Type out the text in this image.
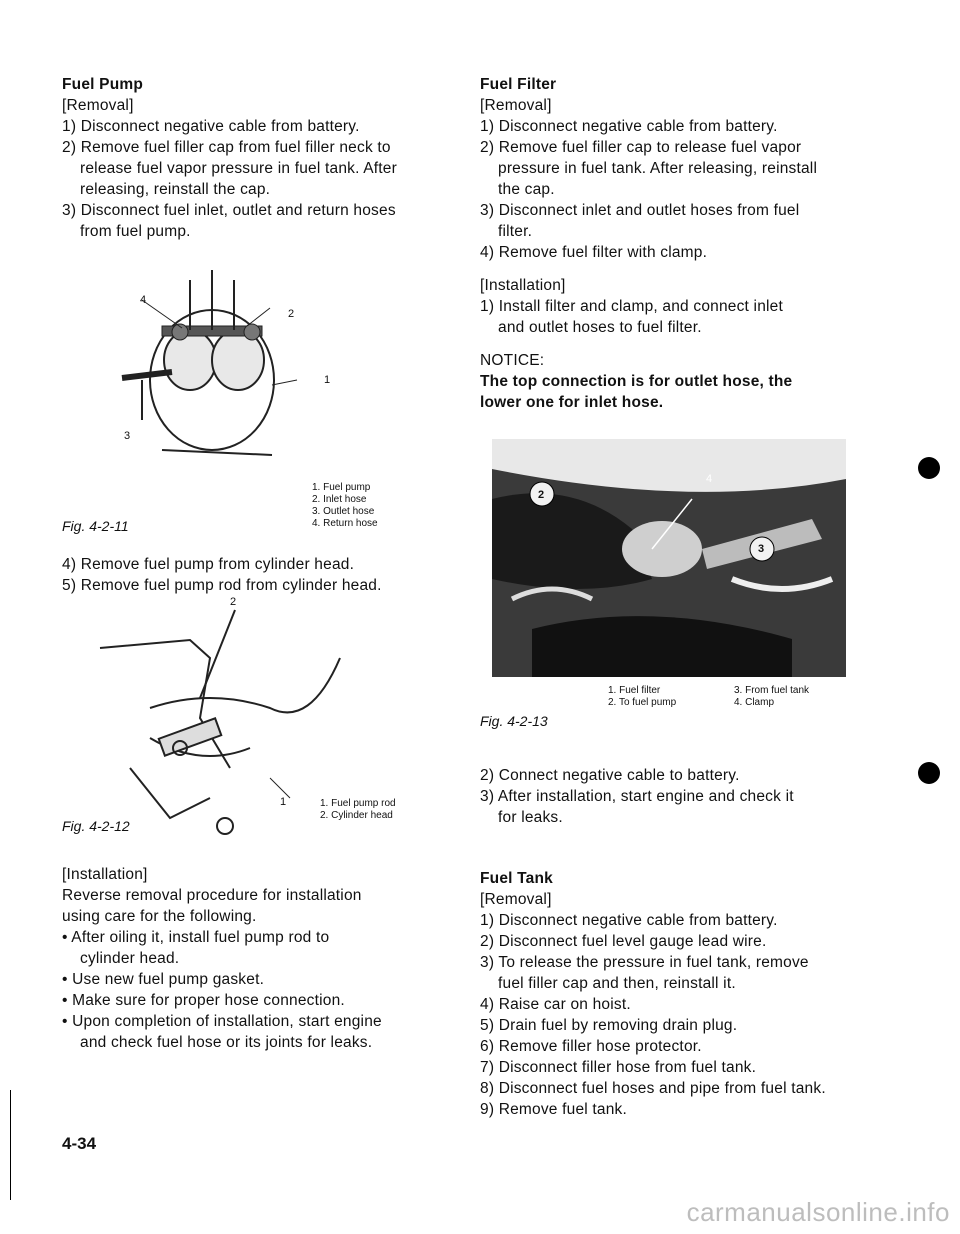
Fuel Pump
[Removal]
1) Disconnect negative cable from battery.
2) Remove fuel filler cap from fuel filler neck to
release fuel vapor pressure in fuel tank. After
releasing, reinstall the cap.
3) Disconnect fuel inlet, outlet and return hoses
from fuel pump.
4
2
1
3
1. Fuel pump
2. Inlet hose
3. Outlet hose
4. Return hose
Fig. 4-2-11
4) Remove fuel pump from cylinder head.
5) Remove fuel pump rod from cylinder head.
2
1	1. Fuel pump rod
2. Cylinder head
Fig. 4-2-12
[Installation]
Reverse removal procedure for installation
using care for the following.
• After oiling it, install fuel pump rod to
cylinder head.
• Use new fuel pump gasket.
• Make sure for proper hose connection.
• Upon completion of installation, start engine
and check fuel hose or its joints for leaks.
4-34
Fuel Filter
[Removal]
1) Disconnect negative cable from battery.
2) Remove fuel filler cap to release fuel vapor
pressure in fuel tank. After releasing, reinstall
the cap.
3) Disconnect inlet and outlet hoses from fuel
filter.
4) Remove fuel filter with clamp.
[Installation]
1) Install filter and clamp, and connect inlet
and outlet hoses to fuel filter.
NOTICE:
The top connection is for outlet hose, the
lower one for inlet hose.
2
4
3
1. Fuel filter
2. To fuel pump
3. From fuel tank
4. Clamp
Fig. 4-2-13
2) Connect negative cable to battery.
3) After installation, start engine and check it
for leaks.
Fuel Tank
[Removal]
1) Disconnect negative cable from battery.
2) Disconnect fuel level gauge lead wire.
3) To release the pressure in fuel tank, remove
fuel filler cap and then, reinstall it.
4) Raise car on hoist.
5) Drain fuel by removing drain plug.
6) Remove filler hose protector.
7) Disconnect filler hose from fuel tank.
8) Disconnect fuel hoses and pipe from fuel tank.
9) Remove fuel tank.
carmanualsonline.info
